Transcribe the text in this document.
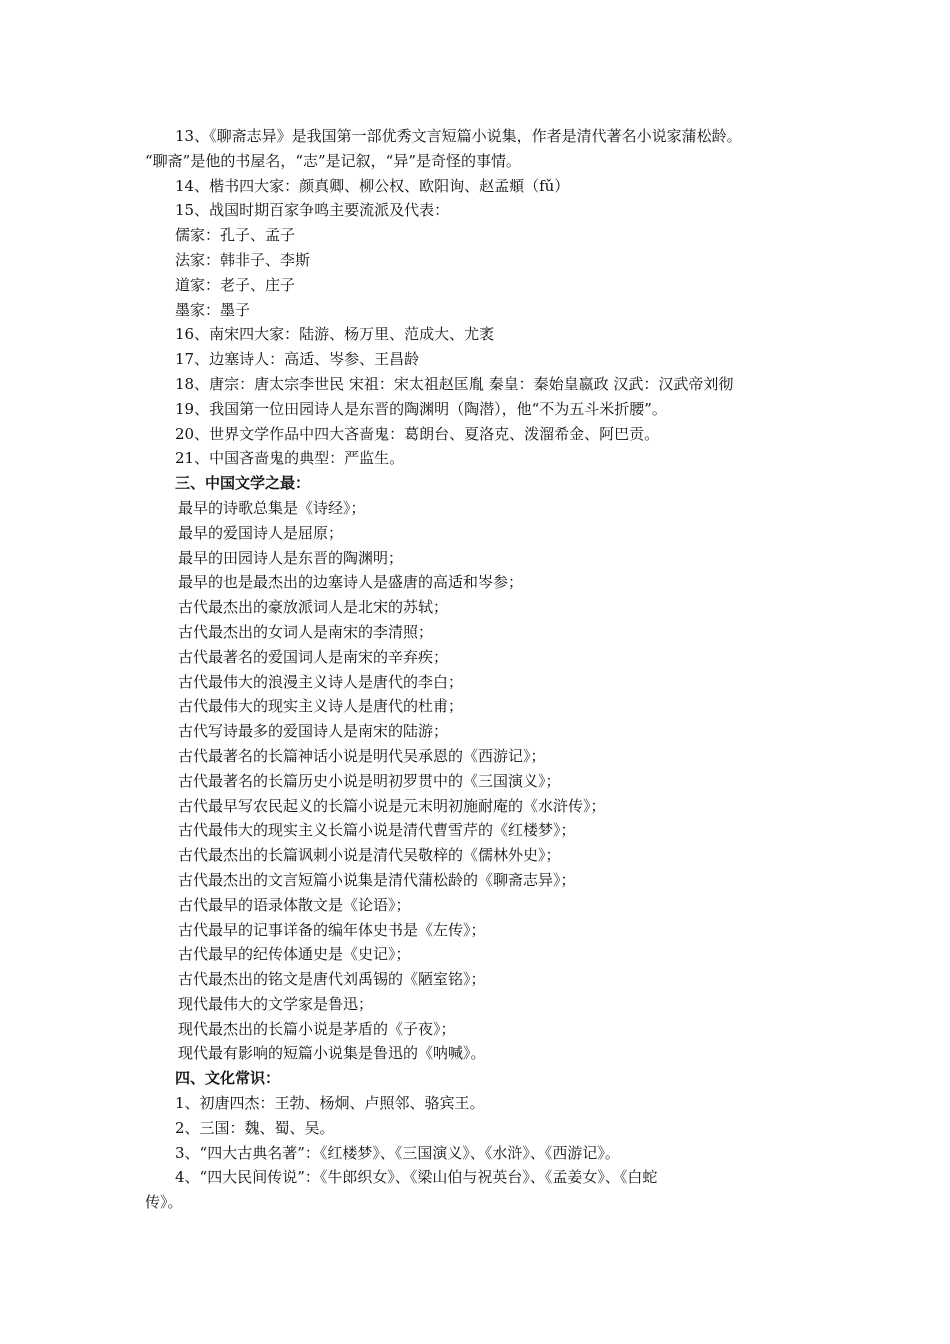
13、《聊斋志异》是我国第一部优秀文言短篇小说集，作者是清代著名小说家蒲松龄。
“聊斋”是他的书屋名，“志”是记叙，“异”是奇怪的事情。
14、楷书四大家：颜真卿、柳公权、欧阳询、赵孟頫（fǔ）
15、战国时期百家争鸣主要流派及代表：
儒家：孔子、孟子
法家：韩非子、李斯
道家：老子、庄子
墨家：墨子
16、南宋四大家：陆游、杨万里、范成大、尤袤
17、边塞诗人：高适、岑参、王昌龄
18、唐宗：唐太宗李世民 宋祖：宋太祖赵匡胤 秦皇：秦始皇嬴政 汉武：汉武帝刘彻
19、我国第一位田园诗人是东晋的陶渊明（陶潜），他“不为五斗米折腰”。
20、世界文学作品中四大吝啬鬼：葛朗台、夏洛克、泼溜希金、阿巴贡。
21、中国吝啬鬼的典型：严监生。
三、中国文学之最：
最早的诗歌总集是《诗经》；
最早的爱国诗人是屈原；
最早的田园诗人是东晋的陶渊明；
最早的也是最杰出的边塞诗人是盛唐的高适和岑参；
古代最杰出的豪放派词人是北宋的苏轼；
古代最杰出的女词人是南宋的李清照；
古代最著名的爱国词人是南宋的辛弃疾；
古代最伟大的浪漫主义诗人是唐代的李白；
古代最伟大的现实主义诗人是唐代的杜甫；
古代写诗最多的爱国诗人是南宋的陆游；
古代最著名的长篇神话小说是明代吴承恩的《西游记》；
古代最著名的长篇历史小说是明初罗贯中的《三国演义》；
古代最早写农民起义的长篇小说是元末明初施耐庵的《水浒传》；
古代最伟大的现实主义长篇小说是清代曹雪芹的《红楼梦》；
古代最杰出的长篇讽刺小说是清代吴敬梓的《儒林外史》；
古代最杰出的文言短篇小说集是清代蒲松龄的《聊斋志异》；
古代最早的语录体散文是《论语》；
古代最早的记事详备的编年体史书是《左传》；
古代最早的纪传体通史是《史记》；
古代最杰出的铭文是唐代刘禹锡的《陋室铭》；
现代最伟大的文学家是鲁迅；
现代最杰出的长篇小说是茅盾的《子夜》；
现代最有影响的短篇小说集是鲁迅的《呐喊》。
四、文化常识：
1、初唐四杰：王勃、杨炯、卢照邻、骆宾王。
2、三国：魏、蜀、吴。
3、“四大古典名著”：《红楼梦》、《三国演义》、《水浒》、《西游记》。
4、“四大民间传说”：《牛郎织女》、《梁山伯与祝英台》、《孟姜女》、《白蛇
传》。
